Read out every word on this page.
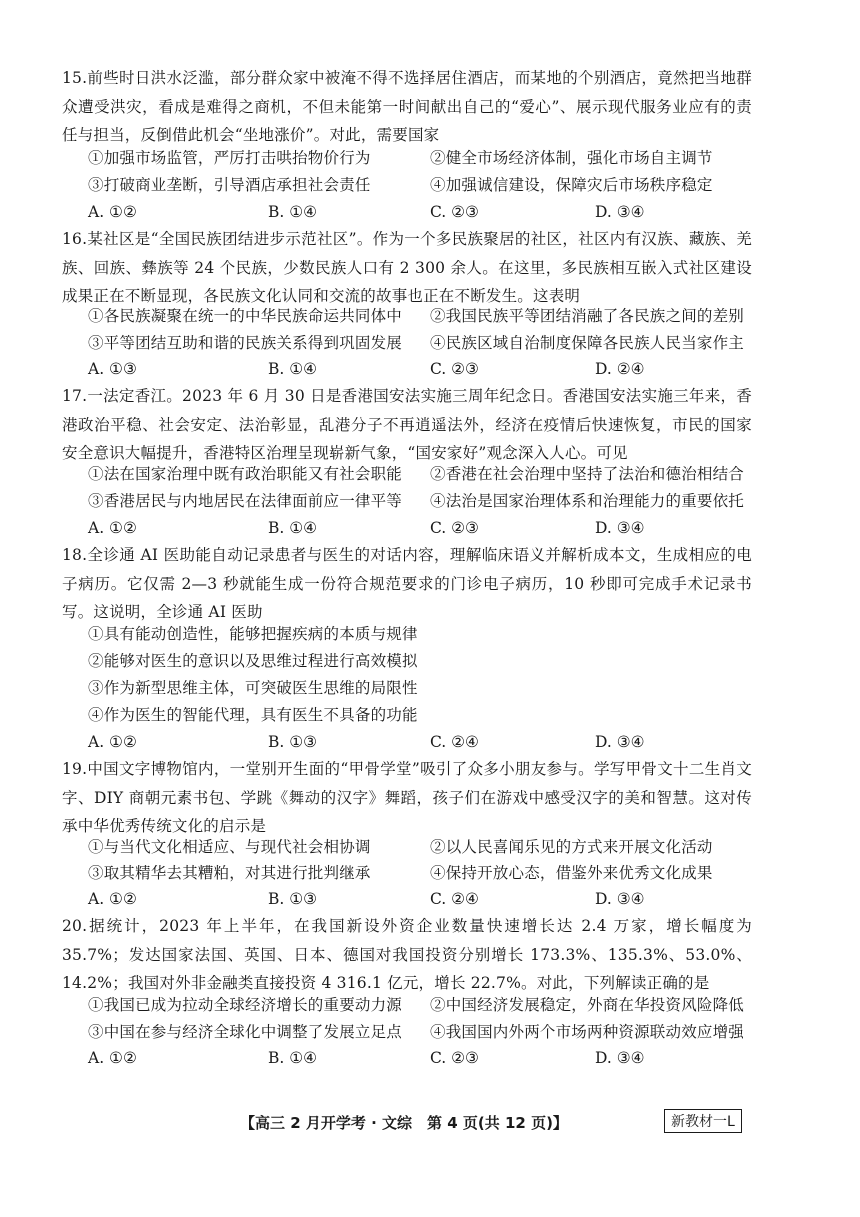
15.前些时日洪水泛滥，部分群众家中被淹不得不选择居住酒店，而某地的个别酒店，竟然把当地群众遭受洪灾，看成是难得之商机，不但未能第一时间献出自己的“爱心”、展示现代服务业应有的责任与担当，反倒借此机会“坐地涨价”。对此，需要国家

①加强市场监管，严厉打击哄抬物价行为	②健全市场经济体制，强化市场自主调节
③打破商业垄断，引导酒店承担社会责任	④加强诚信建设，保障灾后市场秩序稳定
A. ①②	B. ①④	C. ②③	D. ③④

16.某社区是“全国民族团结进步示范社区”。作为一个多民族聚居的社区，社区内有汉族、藏族、羌族、回族、彝族等 24 个民族，少数民族人口有 2 300 余人。在这里，多民族相互嵌入式社区建设成果正在不断显现，各民族文化认同和交流的故事也正在不断发生。这表明

①各民族凝聚在统一的中华民族命运共同体中 ②我国民族平等团结消融了各民族之间的差别
③平等团结互助和谐的民族关系得到巩固发展 ④民族区域自治制度保障各民族人民当家作主
A. ①③	B. ①④	C. ②③	D. ②④

17.一法定香江。2023 年 6 月 30 日是香港国安法实施三周年纪念日。香港国安法实施三年来，香港政治平稳、社会安定、法治彰显，乱港分子不再逍遥法外，经济在疫情后快速恢复，市民的国家安全意识大幅提升，香港特区治理呈现崭新气象，“国安家好”观念深入人心。可见

①法在国家治理中既有政治职能又有社会职能 ②香港在社会治理中坚持了法治和德治相结合
③香港居民与内地居民在法律面前应一律平等 ④法治是国家治理体系和治理能力的重要依托
A. ①②	B. ①④	C. ②③	D. ③④

18.全诊通 AI 医助能自动记录患者与医生的对话内容，理解临床语义并解析成本文，生成相应的电子病历。它仅需 2—3 秒就能生成一份符合规范要求的门诊电子病历，10 秒即可完成手术记录书写。这说明，全诊通 AI 医助

①具有能动创造性，能够把握疾病的本质与规律
②能够对医生的意识以及思维过程进行高效模拟
③作为新型思维主体，可突破医生思维的局限性
④作为医生的智能代理，具有医生不具备的功能
A. ①②	B. ①③	C. ②④	D. ③④

19.中国文字博物馆内，一堂别开生面的“甲骨学堂”吸引了众多小朋友参与。学写甲骨文十二生肖文字、DIY 商朝元素书包、学跳《舞动的汉字》舞蹈，孩子们在游戏中感受汉字的美和智慧。这对传承中华优秀传统文化的启示是

①与当代文化相适应、与现代社会相协调	②以人民喜闻乐见的方式来开展文化活动
③取其精华去其糟粕，对其进行批判继承	④保持开放心态，借鉴外来优秀文化成果
A. ①②	B. ①③	C. ②④	D. ③④

20.据统计，2023 年上半年，在我国新设外资企业数量快速增长达 2.4 万家，增长幅度为 35.7%；发达国家法国、英国、日本、德国对我国投资分别增长 173.3%、135.3%、53.0%、14.2%；我国对外非金融类直接投资 4 316.1 亿元，增长 22.7%。对此，下列解读正确的是

①我国已成为拉动全球经济增长的重要动力源 ②中国经济发展稳定，外商在华投资风险降低
③中国在参与经济全球化中调整了发展立足点 ④我国国内外两个市场两种资源联动效应增强
A. ①②	B. ①④	C. ②③	D. ③④
【高三 2 月开学考 · 文综　第 4 页(共 12 页)】	新教材一L
